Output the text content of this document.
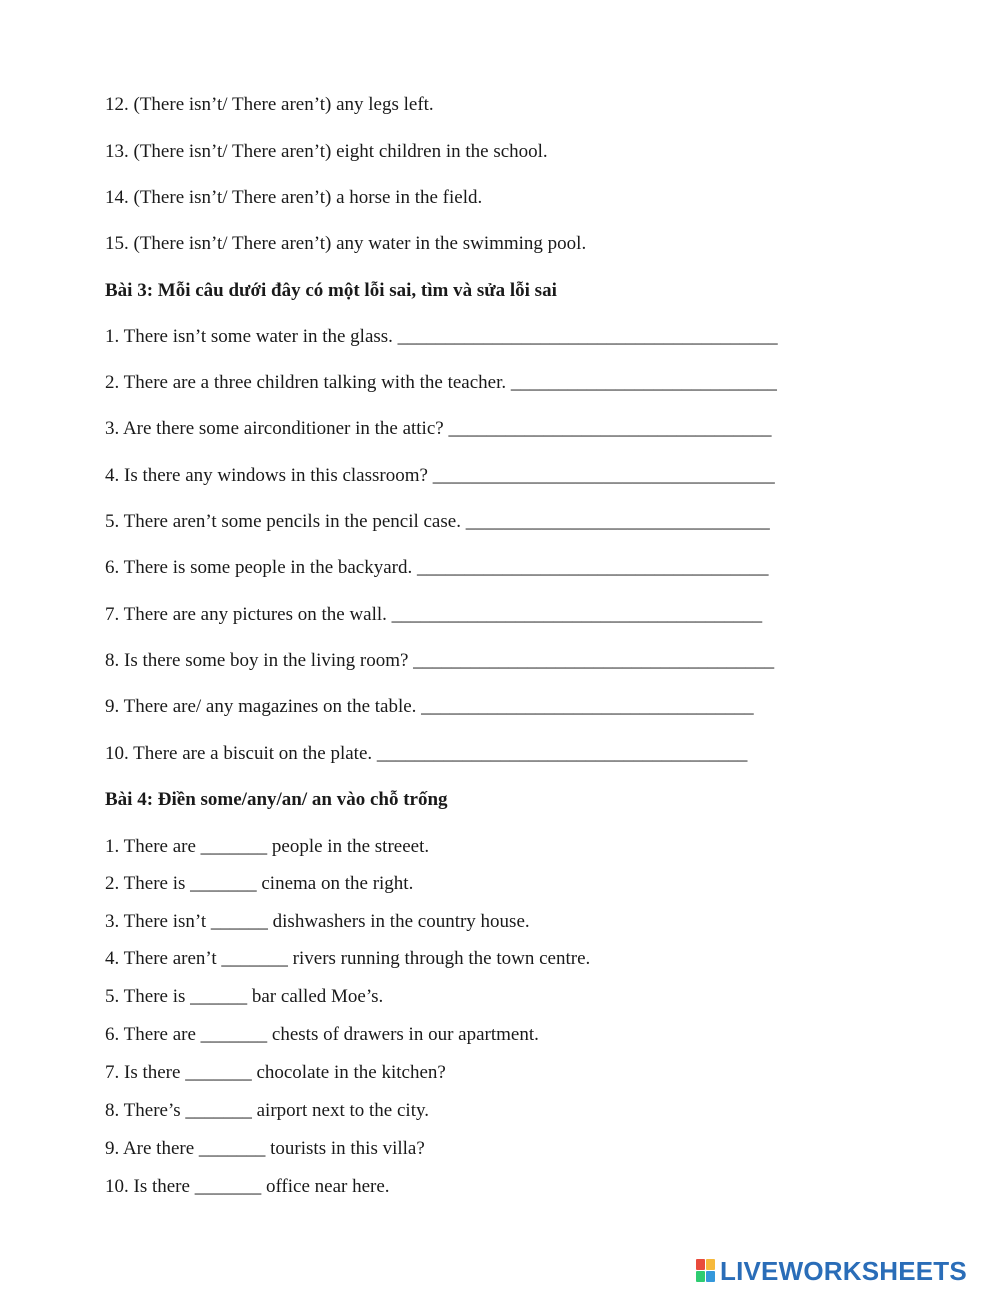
12. (There isn’t/ There aren’t) any legs left.
13. (There isn’t/ There aren’t) eight children in the school.
14. (There isn’t/ There aren’t) a horse in the field.
15. (There isn’t/ There aren’t) any water in the swimming pool.
Bài 3: Mỗi câu dưới đây có một lỗi sai, tìm và sửa lỗi sai
1. There isn’t some water in the glass. ________________________________________
2. There are a three children talking with the teacher. ____________________________
3. Are there some airconditioner in the attic? __________________________________
4. Is there any windows in this classroom? ____________________________________
5. There aren’t some pencils in the pencil case. ________________________________
6. There is some people in the backyard. _____________________________________
7. There are any pictures on the wall. _______________________________________
8. Is there some boy in the living room? ______________________________________
9. There are/ any magazines on the table. ___________________________________
10. There are a biscuit on the plate. _______________________________________
Bài 4: Điền some/any/an/ an vào chỗ trống
1. There are _______ people in the streeet.
2. There is _______ cinema on the right.
3. There isn’t ______ dishwashers in the country house.
4. There aren’t _______ rivers running through the town centre.
5. There is ______ bar called Moe’s.
6. There are _______ chests of drawers in our apartment.
7. Is there _______ chocolate in the kitchen?
8. There’s _______ airport next to the city.
9. Are there _______ tourists in this villa?
10. Is there _______ office near here.
LIVEWORKSHEETS
